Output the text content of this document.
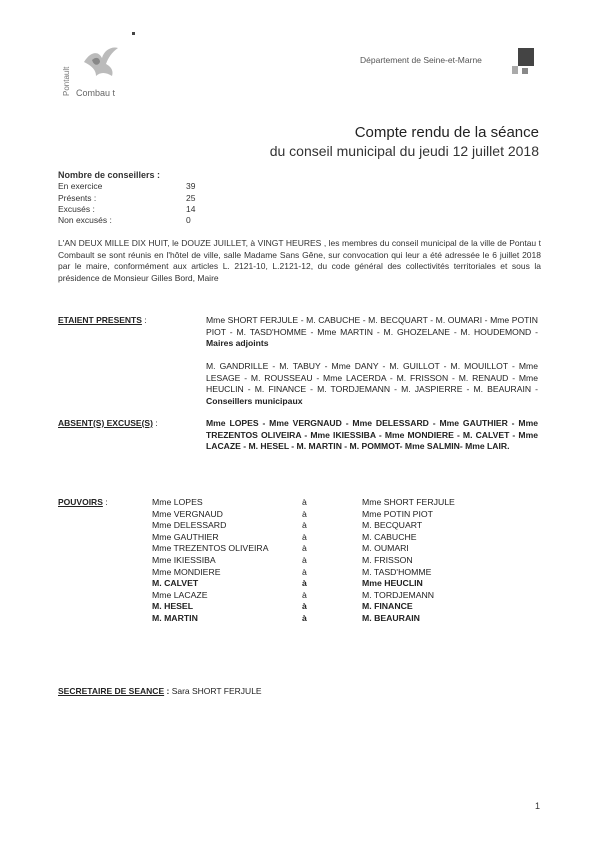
Pontault Combau t
Département de Seine-et-Marne
Compte rendu de la séance
du conseil municipal du jeudi 12 juillet 2018
Nombre de conseillers :
En exercice	39
Présents :	25
Excusés :	14
Non excusés :	0
L'AN DEUX MILLE DIX HUIT, le DOUZE JUILLET, à VINGT HEURES , les membres du conseil municipal de la ville de Pontau t Combault se sont réunis en l'hôtel de ville, salle Madame Sans Gêne, sur convocation qui leur a été adressée le 6 juillet 2018 par le maire, conformément aux articles L. 2121-10, L.2121-12, du code général des collectivités territoriales et sous la présidence de Monsieur Gilles Bord, Maire
ETAIENT PRESENTS :	Mme SHORT FERJULE - M. CABUCHE - M. BECQUART - M. OUMARI - Mme POTIN PIOT - M. TASD'HOMME - Mme MARTIN - M. GHOZELANE - M. HOUDEMOND - Maires adjoints
M. GANDRILLE - M. TABUY - Mme DANY - M. GUILLOT - M. MOUILLOT - Mme LESAGE - M. ROUSSEAU - Mme LACERDA - M. FRISSON - M. RENAUD - Mme HEUCLIN - M. FINANCE - M. TORDJEMANN - M. JASPIERRE - M. BEAURAIN - Conseillers municipaux
ABSENT(S) EXCUSE(S) :	Mme LOPES - Mme VERGNAUD - Mme DELESSARD - Mme GAUTHIER - Mme TREZENTOS OLIVEIRA - Mme IKIESSIBA - Mme MONDIERE - M. CALVET - Mme LACAZE - M. HESEL - M. MARTIN - M. POMMOT- Mme SALMIN- Mme LAIR.
POUVOIRS :	Mme LOPES	à	Mme SHORT FERJULE
Mme VERGNAUD	à	Mme POTIN PIOT
Mme DELESSARD	à	M. BECQUART
Mme GAUTHIER	à	M. CABUCHE
Mme TREZENTOS OLIVEIRA	à	M. OUMARI
Mme IKIESSIBA	à	M. FRISSON
Mme MONDIERE	à	M. TASD'HOMME
M. CALVET	à	Mme HEUCLIN
Mme LACAZE	à	M. TORDJEMANN
M. HESEL	à	M. FINANCE
M. MARTIN	à	M. BEAURAIN
SECRETAIRE DE SEANCE : Sara SHORT FERJULE
1
